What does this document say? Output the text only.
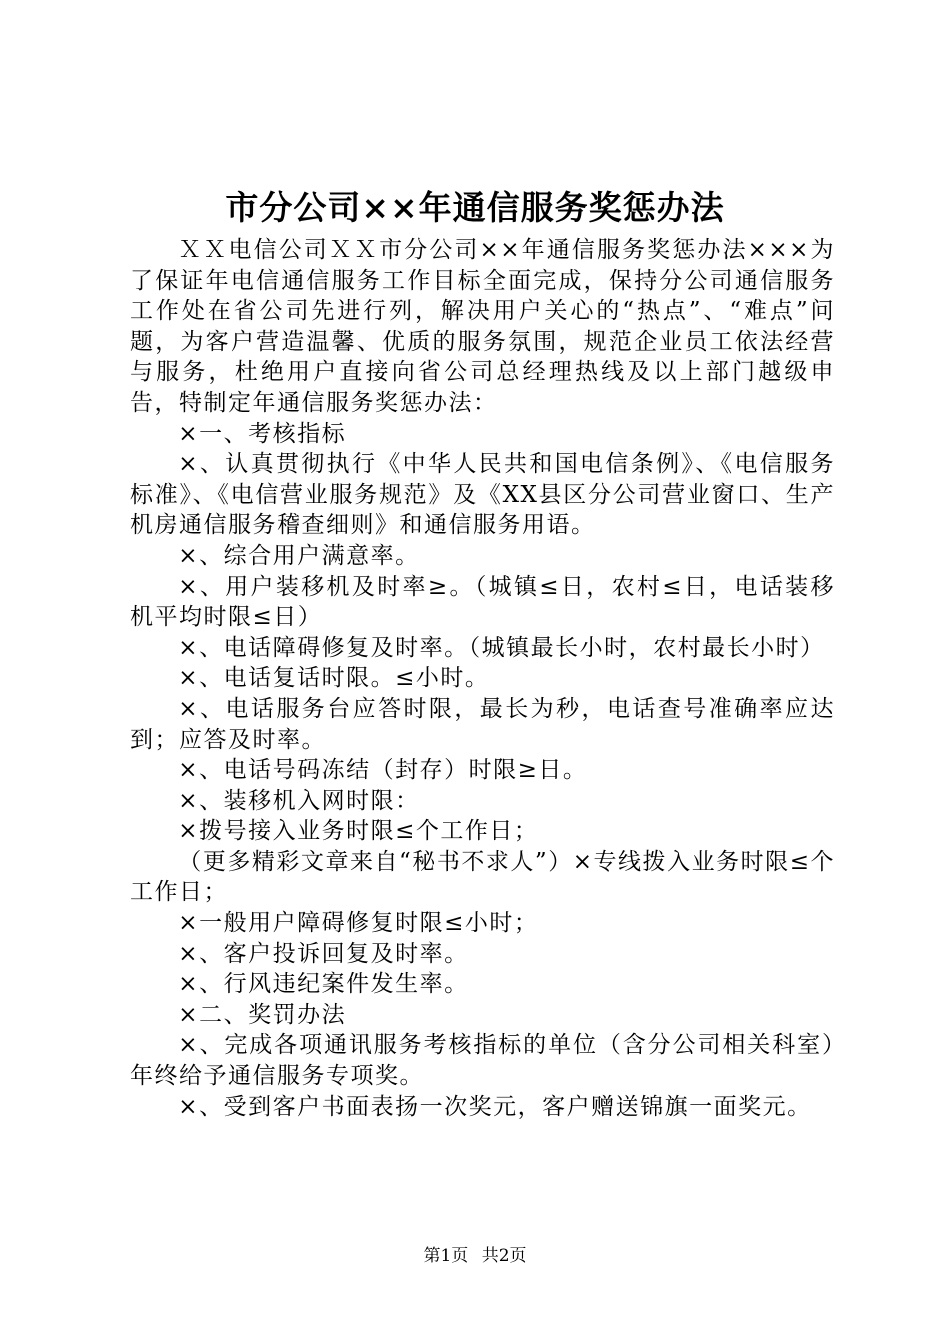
市分公司××年通信服务奖惩办法

ＸＸ电信公司ＸＸ市分公司××年通信服务奖惩办法×××为了保证年电信通信服务工作目标全面完成，保持分公司通信服务工作处在省公司先进行列，解决用户关心的“热点”、“难点”问题，为客户营造温馨、优质的服务氛围，规范企业员工依法经营与服务，杜绝用户直接向省公司总经理热线及以上部门越级申告，特制定年通信服务奖惩办法：

×一、考核指标

×、认真贯彻执行《中华人民共和国电信条例》、《电信服务标准》、《电信营业服务规范》及《XX县区分公司营业窗口、生产机房通信服务稽查细则》和通信服务用语。

×、综合用户满意率。

×、用户装移机及时率≥。（城镇≤日，农村≤日，电话装移机平均时限≤日）

×、电话障碍修复及时率。（城镇最长小时，农村最长小时）

×、电话复话时限。≤小时。

×、电话服务台应答时限，最长为秒，电话查号准确率应达到；应答及时率。

×、电话号码冻结（封存）时限≥日。

×、装移机入网时限：

×拨号接入业务时限≤个工作日；

（更多精彩文章来自“秘书不求人”）×专线拨入业务时限≤个工作日；

×一般用户障碍修复时限≤小时；

×、客户投诉回复及时率。

×、行风违纪案件发生率。

×二、奖罚办法

×、完成各项通讯服务考核指标的单位（含分公司相关科室）年终给予通信服务专项奖。

×、受到客户书面表扬一次奖元，客户赠送锦旗一面奖元。

第1页 共2页
